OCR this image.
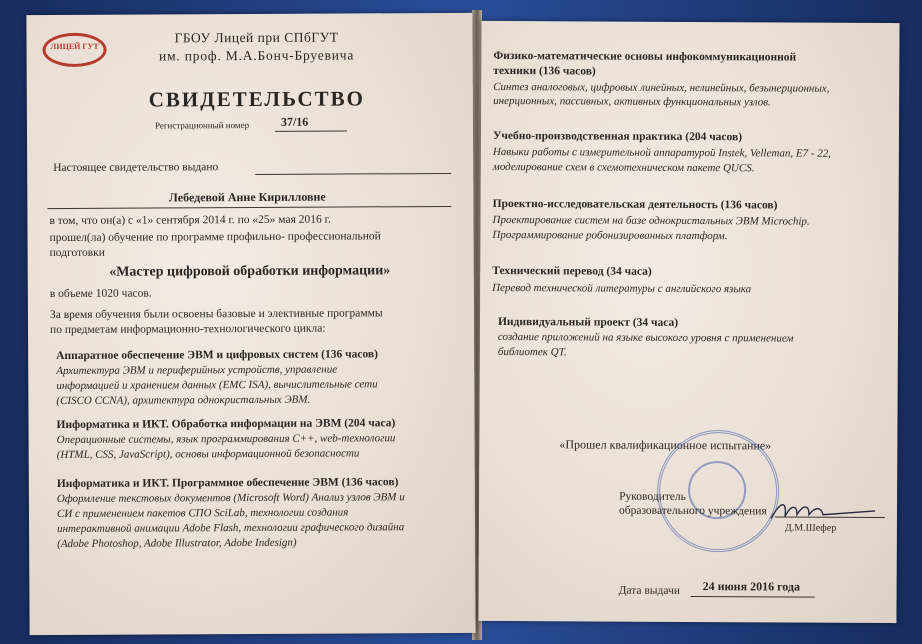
ЛИЦЕЙ ГУТ
ГБОУ Лицей при СПбГУТ
им. проф. М.А.Бонч-Бруевича
СВИДЕТЕЛЬСТВО
Регистрационный номер	37/16
Настоящее свидетельство выдано
Лебедевой Анне Кирилловне
в том, что он(а) с «1» сентября 2014 г. по «25» мая 2016 г.
прошел(ла) обучение по программе профильно- профессиональной
подготовки
«Мастер цифровой обработки информации»
в объеме 1020 часов.
За время обучения были освоены базовые и элективные программы
по предметам информационно-технологического цикла:
Аппаратное обеспечение ЭВМ и цифровых систем (136 часов)
Архитектура ЭВМ и периферийных устройств, управление
информацией и хранением данных (EMC ISA), вычислительные сети
(CISCO CCNA), архитектура однокристальных ЭВМ.
Информатика и ИКТ. Обработка информации на ЭВМ (204 часа)
Операционные системы, язык программирования С++, web-технологии
(HTML, CSS, JavaScript), основы информационной безопасности
Информатика и ИКТ. Программное обеспечение ЭВМ (136 часов)
Оформление текстовых документов (Microsoft Word) Анализ узлов ЭВМ и
СИ с применением пакетов СПО SciLab, технологии создания
интерактивной анимации Adobe Flash, технологии графического дизайна
(Adobe Photoshop, Adobe Illustrator, Adobe Indesign)
Физико-математические основы инфокоммуникационной
техники (136 часов)
Синтез аналоговых, цифровых линейных, нелинейных, безынерционных,
инерционных, пассивных, активных функциональных узлов.
Учебно-производственная практика (204 часов)
Навыки работы с измерительной аппаратурой Instek, Velleman, E7 - 22,
моделирование схем в схемотехническом пакете QUCS.
Проектно-исследовательская деятельность (136 часов)
Проектирование систем на базе однокристальных ЭВМ Microchip.
Программирование робонизированных платформ.
Технический перевод (34 часа)
Перевод технической литературы с английского языка
Индивидуальный проект (34 часа)
создание приложений на языке высокого уровня с применением
библиотек QT.
«Прошел квалификационное испытание»
Руководитель
образовательного учреждения
Д.М.Шефер
Дата выдачи 24 июня 2016 года
